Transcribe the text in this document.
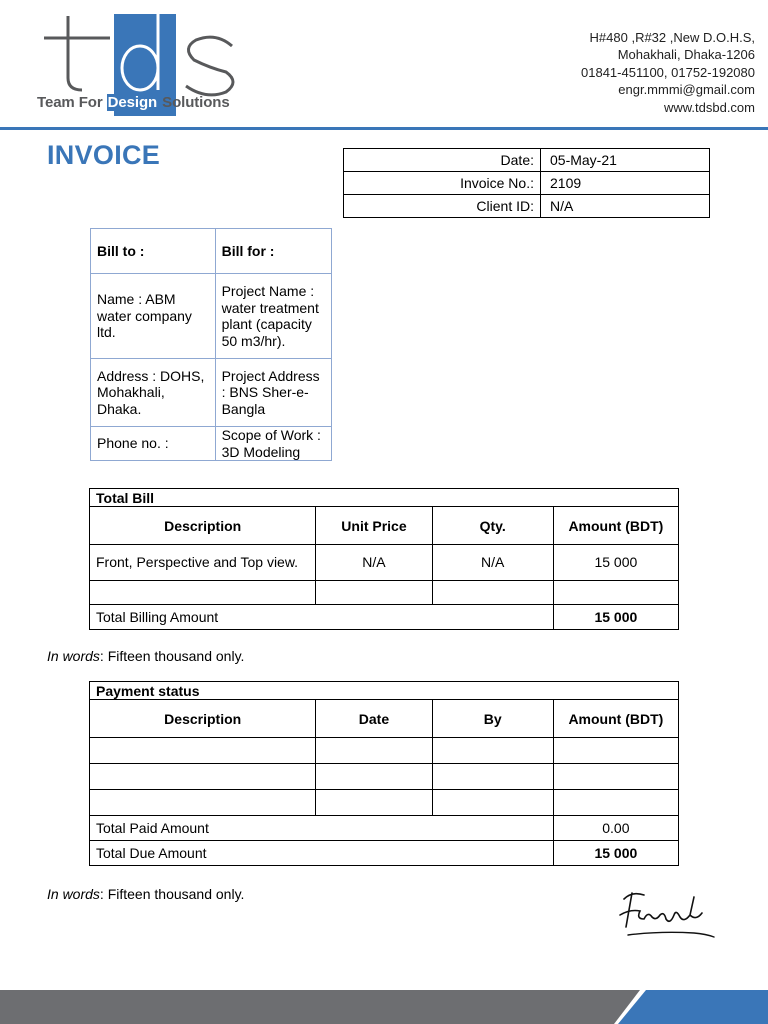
Team For Design Solutions
H#480 ,R#32 ,New D.O.H.S,
Mohakhali, Dhaka-1206
01841-451100, 01752-192080
engr.mmmi@gmail.com
www.tdsbd.com
INVOICE	Date:	05-May-21
Invoice No.:	2109
Client ID:	N/A
Bill to :	Bill for :
Name : ABM water company ltd.	Project Name : water treatment plant (capacity 50 m3/hr).
Address : DOHS, Mohakhali, Dhaka.	Project Address : BNS Sher-e-Bangla
Phone no. :	Scope of Work : 3D Modeling
Total Bill			
Description	Unit Price	Qty.	Amount (BDT)
Front, Perspective and Top view.	N/A	N/A	15 000

Total Billing Amount			15 000
In words: Fifteen thousand only.
Payment status			
Description	Date	By	Amount (BDT)

Total Paid Amount			0.00
Total Due Amount			15 000
In words: Fifteen thousand only.
